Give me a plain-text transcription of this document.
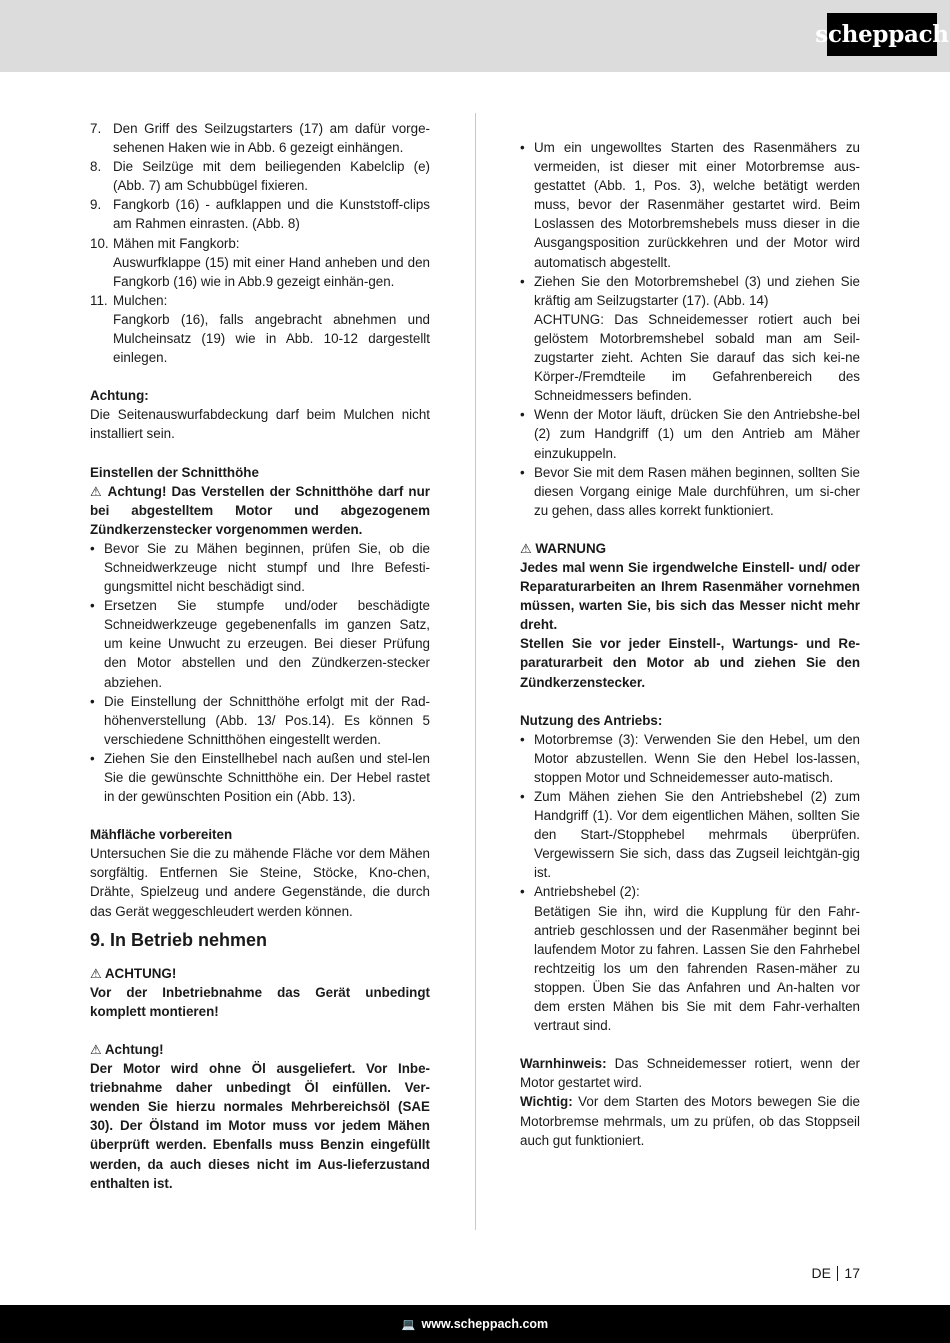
scheppach
7. Den Griff des Seilzugstarters (17) am dafür vorge-sehenen Haken wie in Abb. 6 gezeigt einhängen.
8. Die Seilzüge mit dem beiliegenden Kabelclip (e) (Abb. 7) am Schubbügel fixieren.
9. Fangkorb (16) - aufklappen und die Kunststoff-clips am Rahmen einrasten. (Abb. 8)
10. Mähen mit Fangkorb:
Auswurfklappe (15) mit einer Hand anheben und den Fangkorb (16) wie in Abb.9 gezeigt einhän-gen.
11. Mulchen:
Fangkorb (16), falls angebracht abnehmen und Mulcheinsatz (19) wie in Abb. 10-12 dargestellt einlegen.
Achtung:
Die Seitenauswurfabdeckung darf beim Mulchen nicht installiert sein.
Einstellen der Schnitthöhe
⚠ Achtung! Das Verstellen der Schnitthöhe darf nur bei abgestelltem Motor und abgezogenem Zündkerzenstecker vorgenommen werden.
• Bevor Sie zu Mähen beginnen, prüfen Sie, ob die Schneidwerkzeuge nicht stumpf und Ihre Befesti-gungsmittel nicht beschädigt sind.
• Ersetzen Sie stumpfe und/oder beschädigte Schneidwerkzeuge gegebenenfalls im ganzen Satz, um keine Unwucht zu erzeugen. Bei dieser Prüfung den Motor abstellen und den Zündkerzen-stecker abziehen.
• Die Einstellung der Schnitthöhe erfolgt mit der Rad-höhenverstellung (Abb. 13/ Pos.14). Es können 5 verschiedene Schnitthöhen eingestellt werden.
• Ziehen Sie den Einstellhebel nach außen und stel-len Sie die gewünschte Schnitthöhe ein. Der Hebel rastet in der gewünschten Position ein (Abb. 13).
Mähfläche vorbereiten
Untersuchen Sie die zu mähende Fläche vor dem Mähen sorgfältig. Entfernen Sie Steine, Stöcke, Kno-chen, Drähte, Spielzeug und andere Gegenstände, die durch das Gerät weggeschleudert werden können.
9. In Betrieb nehmen
⚠ ACHTUNG!
Vor der Inbetriebnahme das Gerät unbedingt komplett montieren!
⚠ Achtung!
Der Motor wird ohne Öl ausgeliefert. Vor Inbe-triebnahme daher unbedingt Öl einfüllen. Ver-wenden Sie hierzu normales Mehrbereichsöl (SAE 30). Der Ölstand im Motor muss vor jedem Mähen überprüft werden. Ebenfalls muss Benzin eingefüllt werden, da auch dieses nicht im Aus-lieferzustand enthalten ist.
• Um ein ungewolltes Starten des Rasenmähers zu vermeiden, ist dieser mit einer Motorbremse aus-gestattet (Abb. 1, Pos. 3), welche betätigt werden muss, bevor der Rasenmäher gestartet wird. Beim Loslassen des Motorbremshebels muss dieser in die Ausgangsposition zurückkehren und der Motor wird automatisch abgestellt.
• Ziehen Sie den Motorbremshebel (3) und ziehen Sie kräftig am Seilzugstarter (17). (Abb. 14)
ACHTUNG: Das Schneidemesser rotiert auch bei gelöstem Motorbremshebel sobald man am Seil-zugstarter zieht. Achten Sie darauf das sich kei-ne Körper-/Fremdteile im Gefahrenbereich des Schneidmessers befinden.
• Wenn der Motor läuft, drücken Sie den Antriebshe-bel (2) zum Handgriff (1) um den Antrieb am Mäher einzukuppeln.
• Bevor Sie mit dem Rasen mähen beginnen, sollten Sie diesen Vorgang einige Male durchführen, um si-cher zu gehen, dass alles korrekt funktioniert.
⚠ WARNUNG
Jedes mal wenn Sie irgendwelche Einstell- und/ oder Reparaturarbeiten an Ihrem Rasenmäher vornehmen müssen, warten Sie, bis sich das Messer nicht mehr dreht.
Stellen Sie vor jeder Einstell-, Wartungs- und Re-paraturarbeit den Motor ab und ziehen Sie den Zündkerzenstecker.
Nutzung des Antriebs:
• Motorbremse (3): Verwenden Sie den Hebel, um den Motor abzustellen. Wenn Sie den Hebel los-lassen, stoppen Motor und Schneidemesser auto-matisch.
• Zum Mähen ziehen Sie den Antriebshebel (2) zum Handgriff (1). Vor dem eigentlichen Mähen, sollten Sie den Start-/Stopphebel mehrmals überprüfen. Vergewissern Sie sich, dass das Zugseil leichtgän-gig ist.
• Antriebshebel (2):
Betätigen Sie ihn, wird die Kupplung für den Fahr-antrieb geschlossen und der Rasenmäher beginnt bei laufendem Motor zu fahren. Lassen Sie den Fahrhebel rechtzeitig los um den fahrenden Rasen-mäher zu stoppen. Üben Sie das Anfahren und An-halten vor dem ersten Mähen bis Sie mit dem Fahr-verhalten vertraut sind.
Warnhinweis: Das Schneidemesser rotiert, wenn der Motor gestartet wird.
Wichtig: Vor dem Starten des Motors bewegen Sie die Motorbremse mehrmals, um zu prüfen, ob das Stoppseil auch gut funktioniert.
DE 17
💻 www.scheppach.com
